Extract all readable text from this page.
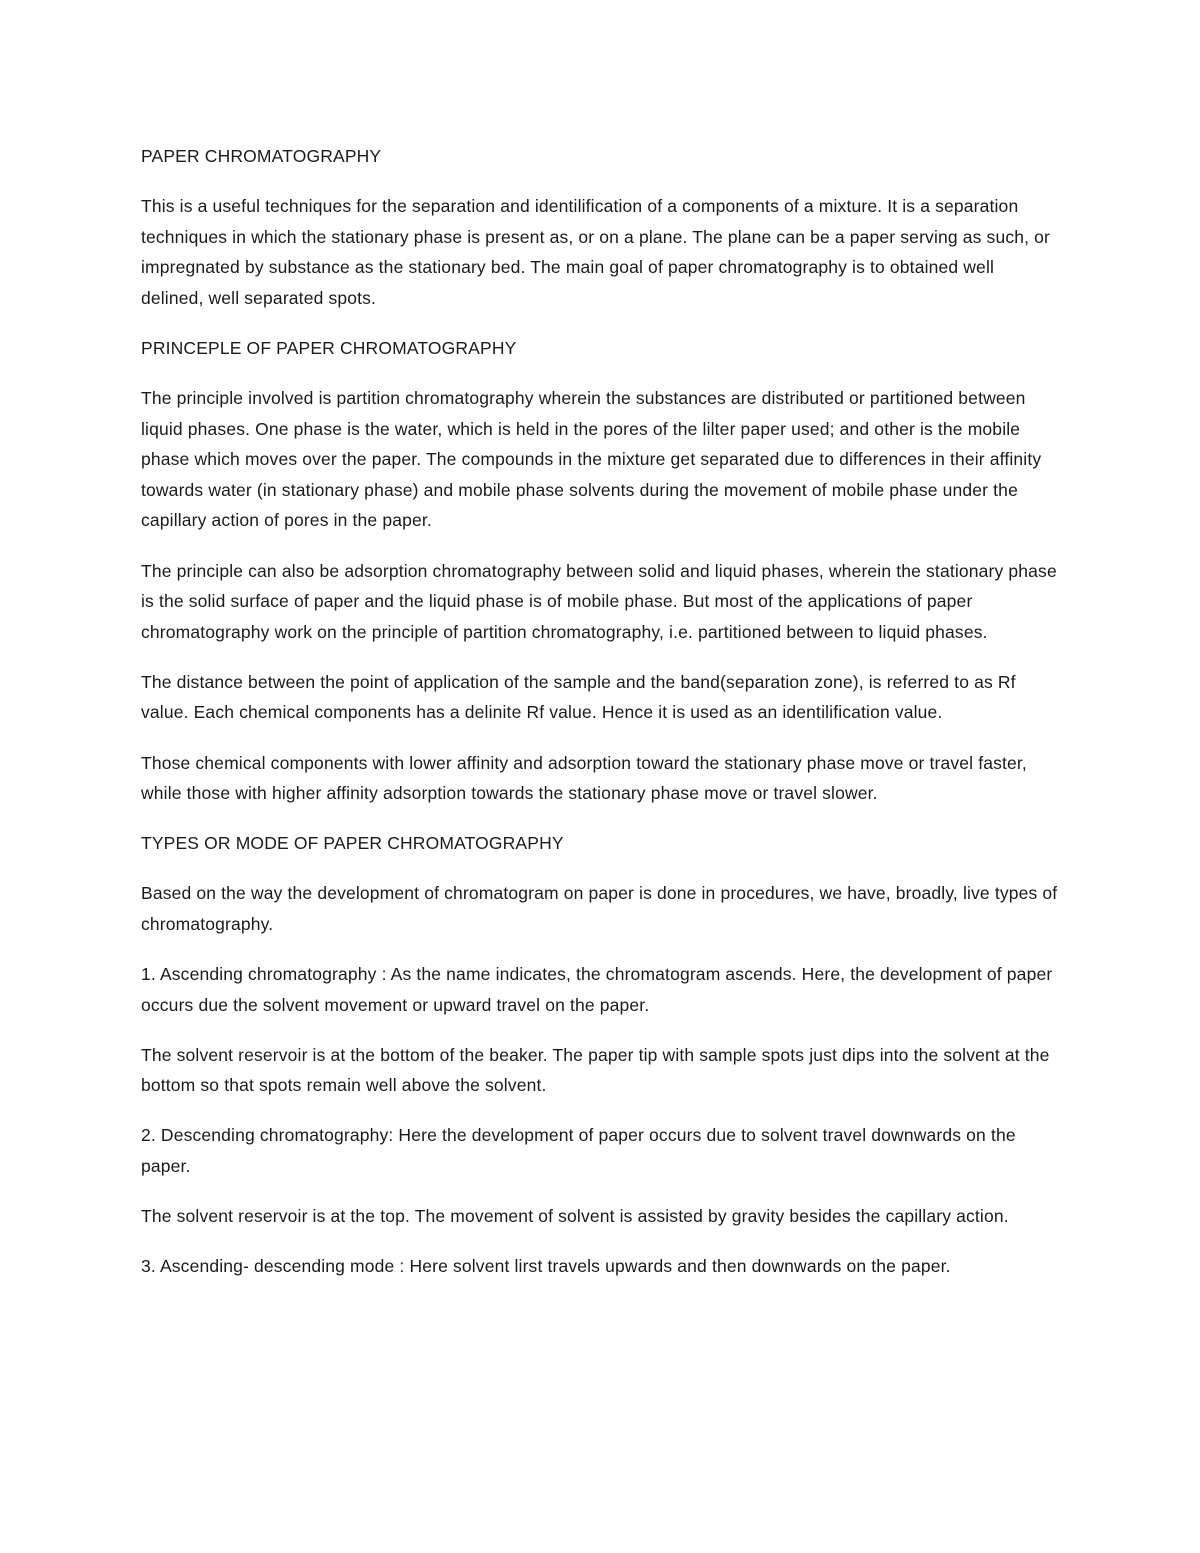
PAPER CHROMATOGRAPHY

This is a useful techniques for the separation and identilification of a components of a mixture. It is a separation techniques in which the stationary phase is present as, or on a plane. The plane can be a paper serving as such, or impregnated by substance as the stationary bed. The main goal of paper chromatography is to obtained well delined, well separated spots.

PRINCEPLE OF PAPER CHROMATOGRAPHY

The principle involved is partition chromatography wherein the substances are distributed or partitioned between liquid phases. One phase is the water, which is held in the pores of the lilter paper used; and other is the mobile phase which moves over the paper. The compounds in the mixture get separated due to differences in their affinity towards water (in stationary phase) and mobile phase solvents during the movement of mobile phase under the capillary action of pores in the paper.

The principle can also be adsorption chromatography between solid and liquid phases, wherein the stationary phase is the solid surface of paper and the liquid phase is of mobile phase. But most of the applications of paper chromatography work on the principle of partition chromatography, i.e. partitioned between to liquid phases.

The distance between the point of application of the sample and the band(separation zone), is referred to as Rf value. Each chemical components has a delinite Rf value. Hence it is used as an identilification value.

Those chemical components with lower affinity and adsorption toward the stationary phase move or travel faster, while those with higher affinity adsorption towards the stationary phase move or travel slower.

TYPES OR MODE OF PAPER CHROMATOGRAPHY

Based on the way the development of chromatogram on paper is done in procedures, we have, broadly, live types of chromatography.

1. Ascending chromatography : As the name indicates, the chromatogram ascends. Here, the development of paper occurs due the solvent movement or upward travel on the paper.

The solvent reservoir is at the bottom of the beaker. The paper tip with sample spots just dips into the solvent at the bottom so that spots remain well above the solvent.

2. Descending chromatography: Here the development of paper occurs due to solvent travel downwards on the paper.

The solvent reservoir is at the top. The movement of solvent is assisted by gravity besides the capillary action.

3. Ascending- descending mode : Here solvent lirst travels upwards and then downwards on the paper.
